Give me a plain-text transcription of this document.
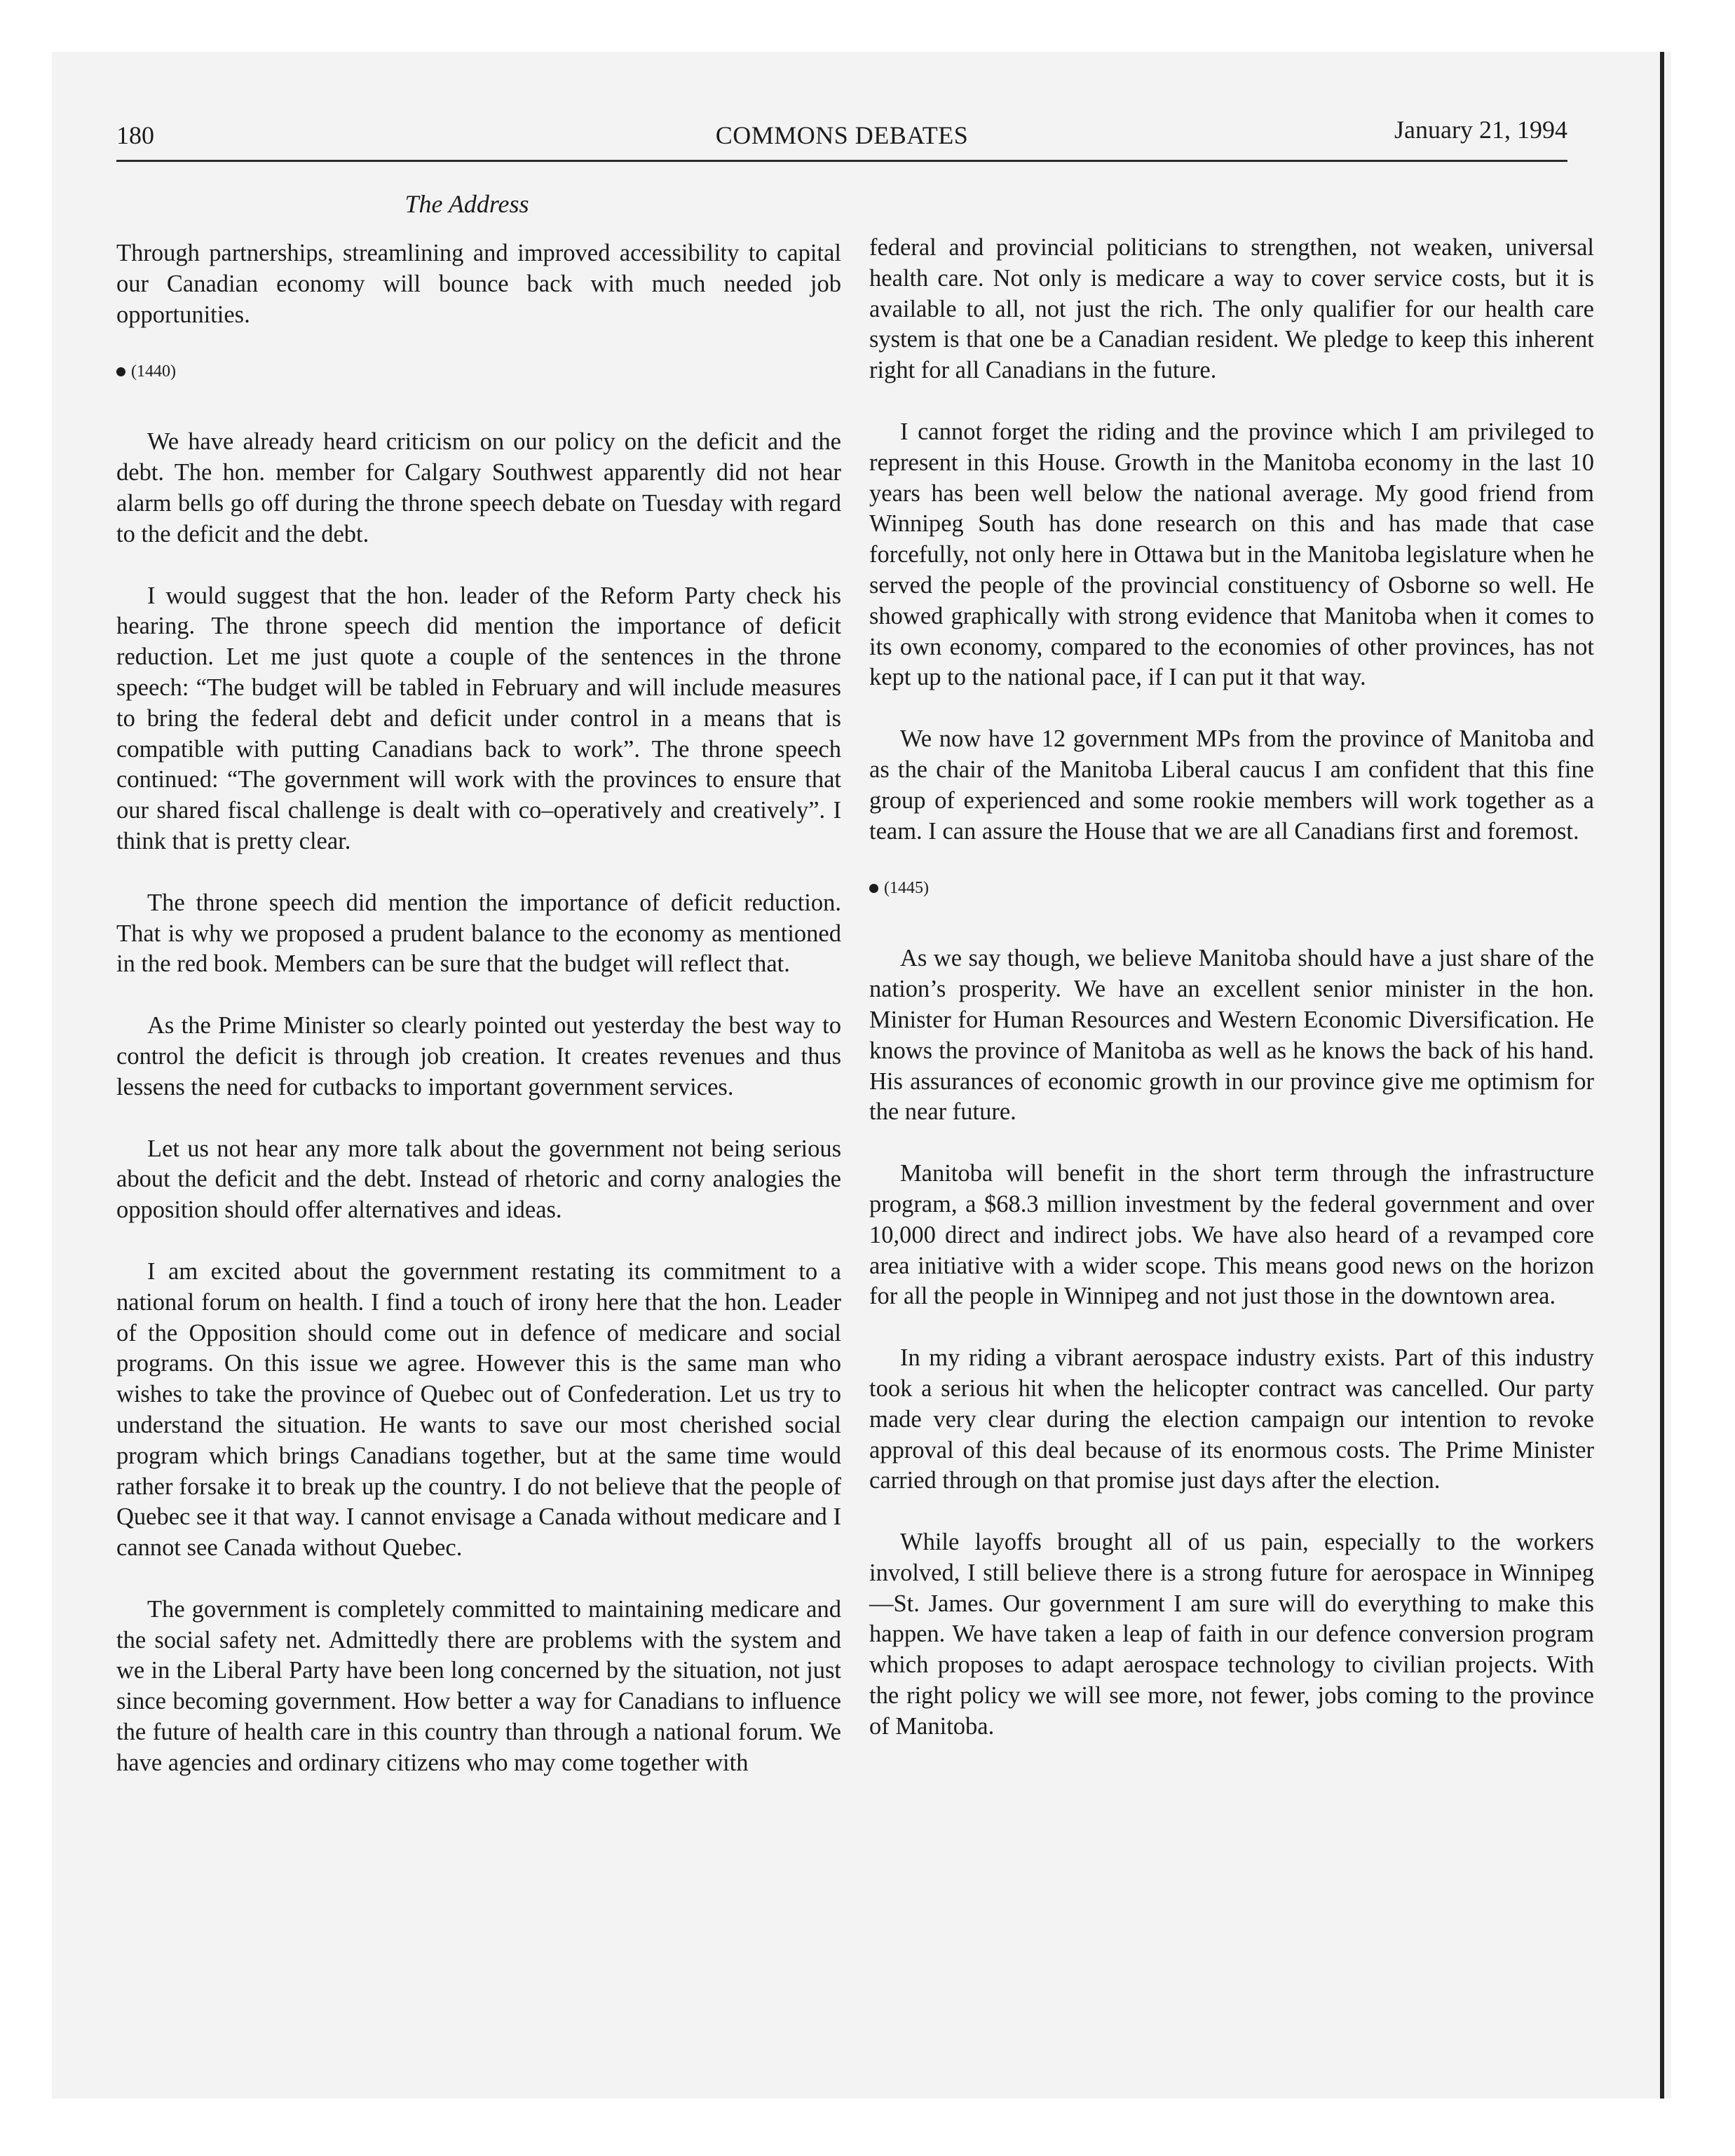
180	COMMONS DEBATES	January 21, 1994
The Address

Through partnerships, streamlining and improved accessibility to capital our Canadian economy will bounce back with much needed job opportunities.

(1440)

We have already heard criticism on our policy on the deficit and the debt. The hon. member for Calgary Southwest apparently did not hear alarm bells go off during the throne speech debate on Tuesday with regard to the deficit and the debt.

I would suggest that the hon. leader of the Reform Party check his hearing. The throne speech did mention the importance of deficit reduction. Let me just quote a couple of the sentences in the throne speech: “The budget will be tabled in February and will include measures to bring the federal debt and deficit under control in a means that is compatible with putting Canadians back to work”. The throne speech continued: “The government will work with the provinces to ensure that our shared fiscal challenge is dealt with co–operatively and creatively”. I think that is pretty clear.

The throne speech did mention the importance of deficit reduction. That is why we proposed a prudent balance to the economy as mentioned in the red book. Members can be sure that the budget will reflect that.

As the Prime Minister so clearly pointed out yesterday the best way to control the deficit is through job creation. It creates revenues and thus lessens the need for cutbacks to important government services.

Let us not hear any more talk about the government not being serious about the deficit and the debt. Instead of rhetoric and corny analogies the opposition should offer alternatives and ideas.

I am excited about the government restating its commitment to a national forum on health. I find a touch of irony here that the hon. Leader of the Opposition should come out in defence of medicare and social programs. On this issue we agree. However this is the same man who wishes to take the province of Quebec out of Confederation. Let us try to understand the situation. He wants to save our most cherished social program which brings Canadians together, but at the same time would rather forsake it to break up the country. I do not believe that the people of Quebec see it that way. I cannot envisage a Canada without medicare and I cannot see Canada without Quebec.

The government is completely committed to maintaining medicare and the social safety net. Admittedly there are problems with the system and we in the Liberal Party have been long concerned by the situation, not just since becoming government. How better a way for Canadians to influence the future of health care in this country than through a national forum. We have agencies and ordinary citizens who may come together with

federal and provincial politicians to strengthen, not weaken, universal health care. Not only is medicare a way to cover service costs, but it is available to all, not just the rich. The only qualifier for our health care system is that one be a Canadian resident. We pledge to keep this inherent right for all Canadians in the future.

I cannot forget the riding and the province which I am privileged to represent in this House. Growth in the Manitoba economy in the last 10 years has been well below the national average. My good friend from Winnipeg South has done research on this and has made that case forcefully, not only here in Ottawa but in the Manitoba legislature when he served the people of the provincial constituency of Osborne so well. He showed graphically with strong evidence that Manitoba when it comes to its own economy, compared to the economies of other provinces, has not kept up to the national pace, if I can put it that way.

We now have 12 government MPs from the province of Manitoba and as the chair of the Manitoba Liberal caucus I am confident that this fine group of experienced and some rookie members will work together as a team. I can assure the House that we are all Canadians first and foremost.

(1445)

As we say though, we believe Manitoba should have a just share of the nation’s prosperity. We have an excellent senior minister in the hon. Minister for Human Resources and Western Economic Diversification. He knows the province of Manitoba as well as he knows the back of his hand. His assurances of economic growth in our province give me optimism for the near future.

Manitoba will benefit in the short term through the infrastructure program, a $68.3 million investment by the federal government and over 10,000 direct and indirect jobs. We have also heard of a revamped core area initiative with a wider scope. This means good news on the horizon for all the people in Winnipeg and not just those in the downtown area.

In my riding a vibrant aerospace industry exists. Part of this industry took a serious hit when the helicopter contract was cancelled. Our party made very clear during the election campaign our intention to revoke approval of this deal because of its enormous costs. The Prime Minister carried through on that promise just days after the election.

While layoffs brought all of us pain, especially to the workers involved, I still believe there is a strong future for aerospace in Winnipeg—St. James. Our government I am sure will do everything to make this happen. We have taken a leap of faith in our defence conversion program which proposes to adapt aerospace technology to civilian projects. With the right policy we will see more, not fewer, jobs coming to the province of Manitoba.
